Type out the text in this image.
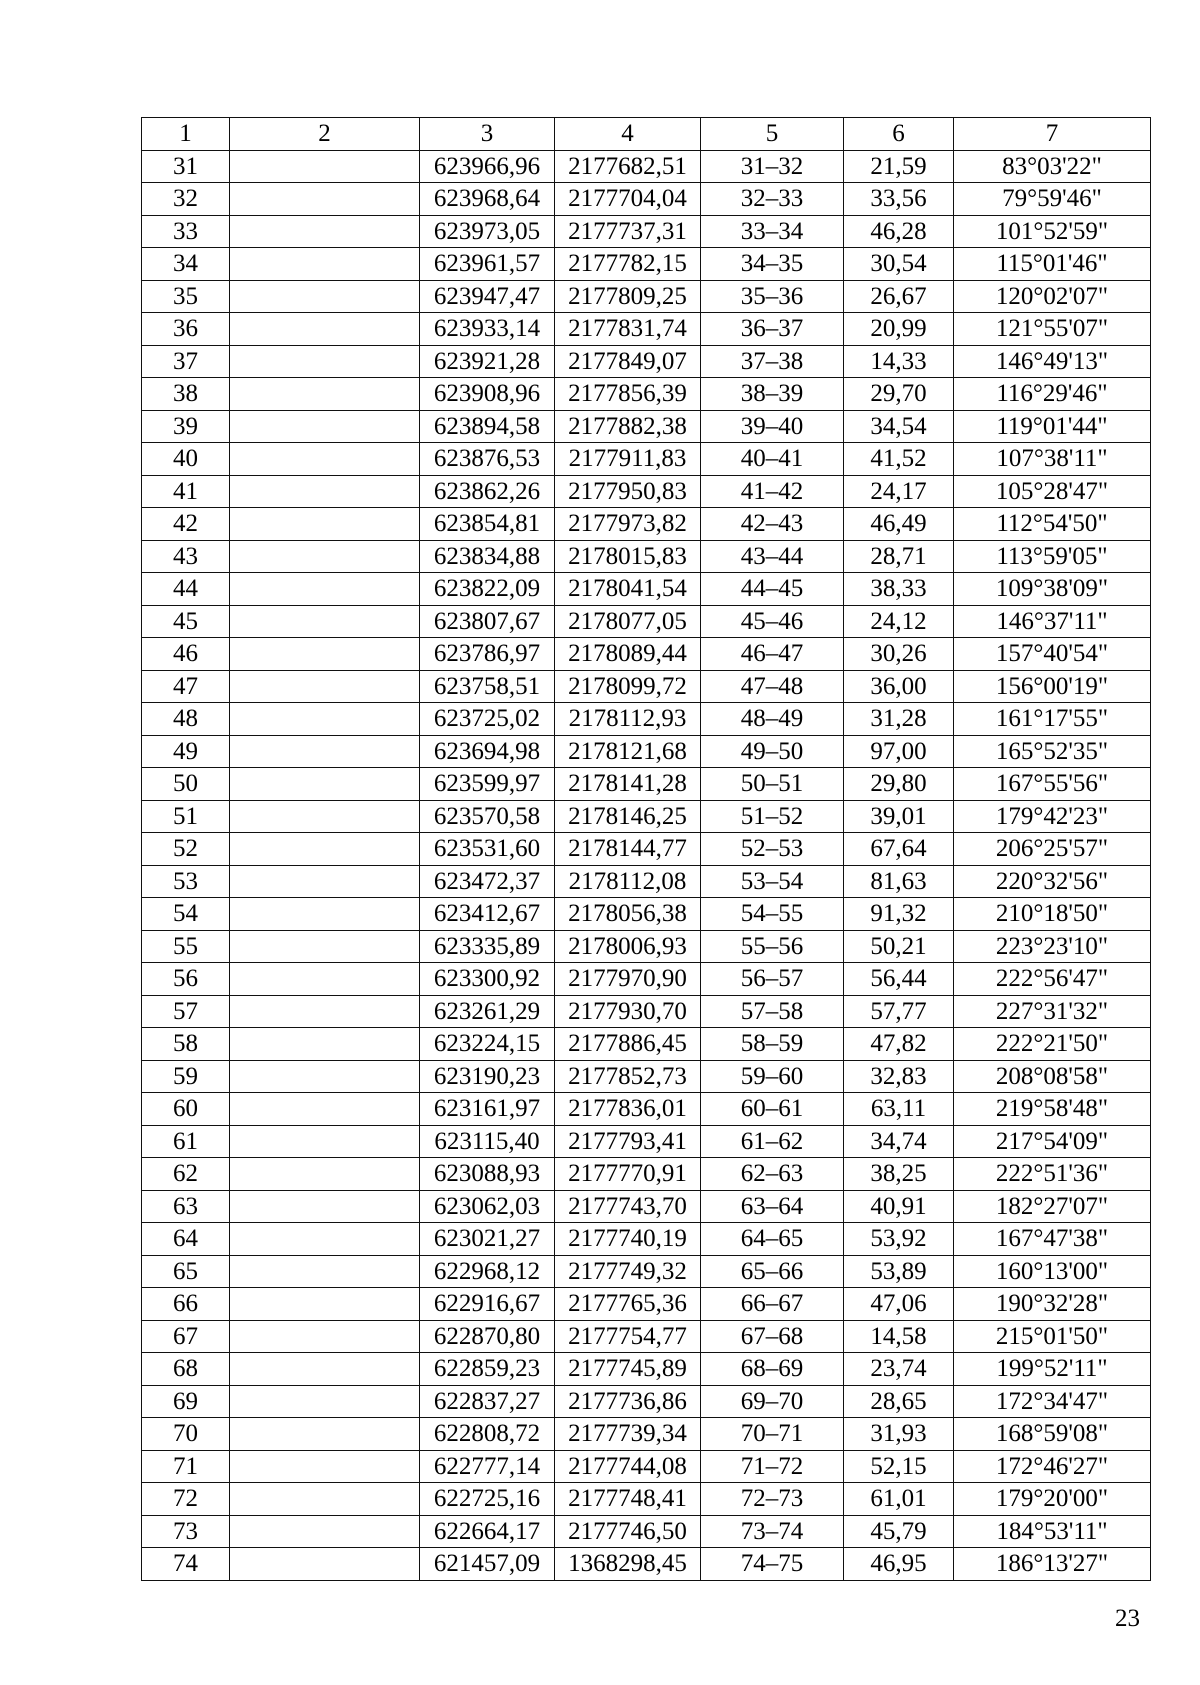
1	2	3	4	5	6	7
31		623966,96	2177682,51	31–32	21,59	83°03'22"
32		623968,64	2177704,04	32–33	33,56	79°59'46"
33		623973,05	2177737,31	33–34	46,28	101°52'59"
34		623961,57	2177782,15	34–35	30,54	115°01'46"
35		623947,47	2177809,25	35–36	26,67	120°02'07"
36		623933,14	2177831,74	36–37	20,99	121°55'07"
37		623921,28	2177849,07	37–38	14,33	146°49'13"
38		623908,96	2177856,39	38–39	29,70	116°29'46"
39		623894,58	2177882,38	39–40	34,54	119°01'44"
40		623876,53	2177911,83	40–41	41,52	107°38'11"
41		623862,26	2177950,83	41–42	24,17	105°28'47"
42		623854,81	2177973,82	42–43	46,49	112°54'50"
43		623834,88	2178015,83	43–44	28,71	113°59'05"
44		623822,09	2178041,54	44–45	38,33	109°38'09"
45		623807,67	2178077,05	45–46	24,12	146°37'11"
46		623786,97	2178089,44	46–47	30,26	157°40'54"
47		623758,51	2178099,72	47–48	36,00	156°00'19"
48		623725,02	2178112,93	48–49	31,28	161°17'55"
49		623694,98	2178121,68	49–50	97,00	165°52'35"
50		623599,97	2178141,28	50–51	29,80	167°55'56"
51		623570,58	2178146,25	51–52	39,01	179°42'23"
52		623531,60	2178144,77	52–53	67,64	206°25'57"
53		623472,37	2178112,08	53–54	81,63	220°32'56"
54		623412,67	2178056,38	54–55	91,32	210°18'50"
55		623335,89	2178006,93	55–56	50,21	223°23'10"
56		623300,92	2177970,90	56–57	56,44	222°56'47"
57		623261,29	2177930,70	57–58	57,77	227°31'32"
58		623224,15	2177886,45	58–59	47,82	222°21'50"
59		623190,23	2177852,73	59–60	32,83	208°08'58"
60		623161,97	2177836,01	60–61	63,11	219°58'48"
61		623115,40	2177793,41	61–62	34,74	217°54'09"
62		623088,93	2177770,91	62–63	38,25	222°51'36"
63		623062,03	2177743,70	63–64	40,91	182°27'07"
64		623021,27	2177740,19	64–65	53,92	167°47'38"
65		622968,12	2177749,32	65–66	53,89	160°13'00"
66		622916,67	2177765,36	66–67	47,06	190°32'28"
67		622870,80	2177754,77	67–68	14,58	215°01'50"
68		622859,23	2177745,89	68–69	23,74	199°52'11"
69		622837,27	2177736,86	69–70	28,65	172°34'47"
70		622808,72	2177739,34	70–71	31,93	168°59'08"
71		622777,14	2177744,08	71–72	52,15	172°46'27"
72		622725,16	2177748,41	72–73	61,01	179°20'00"
73		622664,17	2177746,50	73–74	45,79	184°53'11"
74		621457,09	1368298,45	74–75	46,95	186°13'27"
23
